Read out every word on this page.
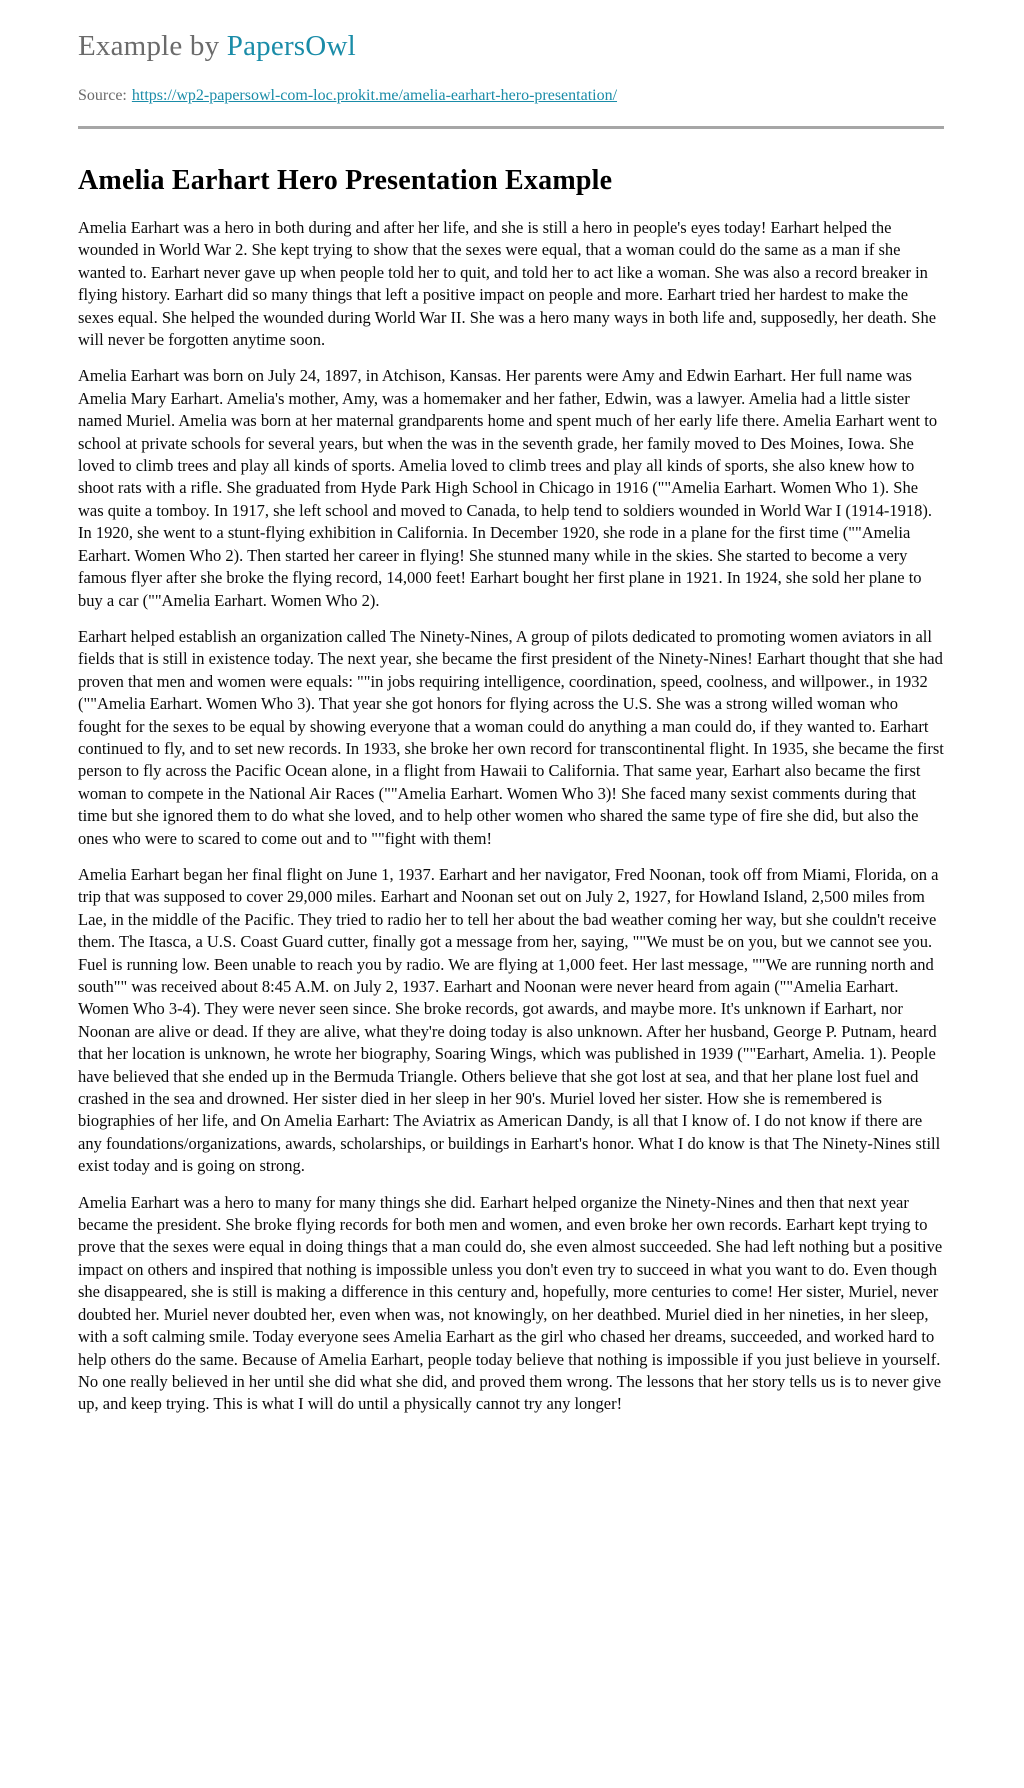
Example by PapersOwl
Source: https://wp2-papersowl-com-loc.prokit.me/amelia-earhart-hero-presentation/
Amelia Earhart Hero Presentation Example

Amelia Earhart was a hero in both during and after her life, and she is still a hero in people's eyes today! Earhart helped the wounded in World War 2. She kept trying to show that the sexes were equal, that a woman could do the same as a man if she wanted to. Earhart never gave up when people told her to quit, and told her to act like a woman. She was also a record breaker in flying history. Earhart did so many things that left a positive impact on people and more. Earhart tried her hardest to make the sexes equal. She helped the wounded during World War II. She was a hero many ways in both life and, supposedly, her death. She will never be forgotten anytime soon.

Amelia Earhart was born on July 24, 1897, in Atchison, Kansas. Her parents were Amy and Edwin Earhart. Her full name was Amelia Mary Earhart. Amelia's mother, Amy, was a homemaker and her father, Edwin, was a lawyer. Amelia had a little sister named Muriel. Amelia was born at her maternal grandparents home and spent much of her early life there. Amelia Earhart went to school at private schools for several years, but when the was in the seventh grade, her family moved to Des Moines, Iowa. She loved to climb trees and play all kinds of sports. Amelia loved to climb trees and play all kinds of sports, she also knew how to shoot rats with a rifle. She graduated from Hyde Park High School in Chicago in 1916 (""Amelia Earhart. Women Who 1). She was quite a tomboy. In 1917, she left school and moved to Canada, to help tend to soldiers wounded in World War I (1914-1918). In 1920, she went to a stunt-flying exhibition in California. In December 1920, she rode in a plane for the first time (""Amelia Earhart. Women Who 2). Then started her career in flying! She stunned many while in the skies. She started to become a very famous flyer after she broke the flying record, 14,000 feet! Earhart bought her first plane in 1921. In 1924, she sold her plane to buy a car (""Amelia Earhart. Women Who 2).

Earhart helped establish an organization called The Ninety-Nines, A group of pilots dedicated to promoting women aviators in all fields that is still in existence today. The next year, she became the first president of the Ninety-Nines! Earhart thought that she had proven that men and women were equals: ""in jobs requiring intelligence, coordination, speed, coolness, and willpower., in 1932 (""Amelia Earhart. Women Who 3). That year she got honors for flying across the U.S. She was a strong willed woman who fought for the sexes to be equal by showing everyone that a woman could do anything a man could do, if they wanted to. Earhart continued to fly, and to set new records. In 1933, she broke her own record for transcontinental flight. In 1935, she became the first person to fly across the Pacific Ocean alone, in a flight from Hawaii to California. That same year, Earhart also became the first woman to compete in the National Air Races (""Amelia Earhart. Women Who 3)! She faced many sexist comments during that time but she ignored them to do what she loved, and to help other women who shared the same type of fire she did, but also the ones who were to scared to come out and to ""fight with them!

Amelia Earhart began her final flight on June 1, 1937. Earhart and her navigator, Fred Noonan, took off from Miami, Florida, on a trip that was supposed to cover 29,000 miles. Earhart and Noonan set out on July 2, 1927, for Howland Island, 2,500 miles from Lae, in the middle of the Pacific. They tried to radio her to tell her about the bad weather coming her way, but she couldn't receive them. The Itasca, a U.S. Coast Guard cutter, finally got a message from her, saying, ""We must be on you, but we cannot see you. Fuel is running low. Been unable to reach you by radio. We are flying at 1,000 feet. Her last message, ""We are running north and south"" was received about 8:45 A.M. on July 2, 1937. Earhart and Noonan were never heard from again (""Amelia Earhart. Women Who 3-4). They were never seen since. She broke records, got awards, and maybe more. It's unknown if Earhart, nor Noonan are alive or dead. If they are alive, what they're doing today is also unknown. After her husband, George P. Putnam, heard that her location is unknown, he wrote her biography, Soaring Wings, which was published in 1939 (""Earhart, Amelia. 1). People have believed that she ended up in the Bermuda Triangle. Others believe that she got lost at sea, and that her plane lost fuel and crashed in the sea and drowned. Her sister died in her sleep in her 90's. Muriel loved her sister. How she is remembered is biographies of her life, and On Amelia Earhart: The Aviatrix as American Dandy, is all that I know of. I do not know if there are any foundations/organizations, awards, scholarships, or buildings in Earhart's honor. What I do know is that The Ninety-Nines still exist today and is going on strong.

Amelia Earhart was a hero to many for many things she did. Earhart helped organize the Ninety-Nines and then that next year became the president. She broke flying records for both men and women, and even broke her own records. Earhart kept trying to prove that the sexes were equal in doing things that a man could do, she even almost succeeded. She had left nothing but a positive impact on others and inspired that nothing is impossible unless you don't even try to succeed in what you want to do. Even though she disappeared, she is still is making a difference in this century and, hopefully, more centuries to come! Her sister, Muriel, never doubted her. Muriel never doubted her, even when was, not knowingly, on her deathbed. Muriel died in her nineties, in her sleep, with a soft calming smile. Today everyone sees Amelia Earhart as the girl who chased her dreams, succeeded, and worked hard to help others do the same. Because of Amelia Earhart, people today believe that nothing is impossible if you just believe in yourself. No one really believed in her until she did what she did, and proved them wrong. The lessons that her story tells us is to never give up, and keep trying. This is what I will do until a physically cannot try any longer!
